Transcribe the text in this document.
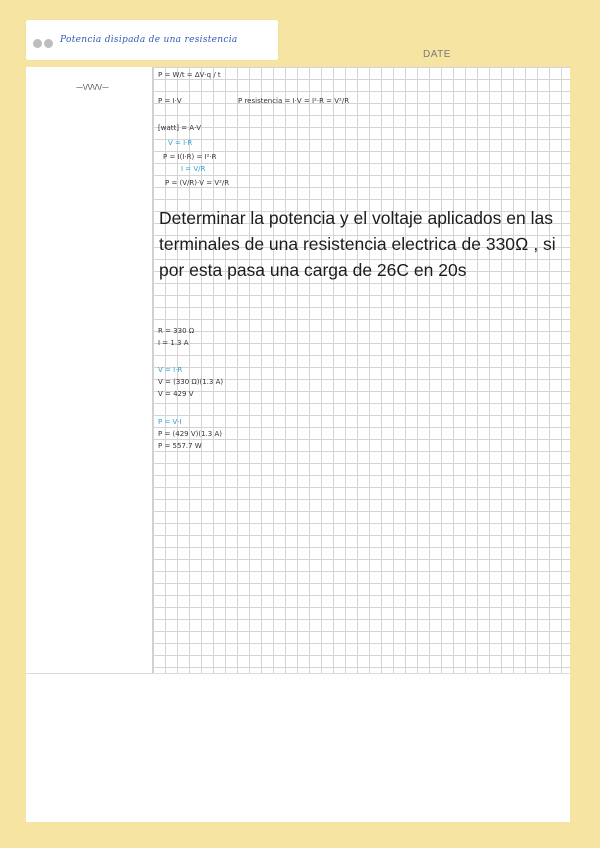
Potencia disipada de una resistencia
DATE
—\/\/\/\/—
P = W/t = ΔV·q / t
P = I·V	P resistencia = I·V = I²·R = V²/R
[watt] = A·V
V = I·R
P = I(I·R) = I²·R
I = V/R
P = (V/R)·V = V²/R
R = 330 Ω
I = 1.3 A
V = I·R
V = (330 Ω)(1.3 A)
V = 429 V
P = V·I
P = (429 V)(1.3 A)
P = 557.7 W
Determinar la potencia y el voltaje aplicados en las terminales de una resistencia electrica de 330Ω , si por esta pasa una carga de 26C en 20s
